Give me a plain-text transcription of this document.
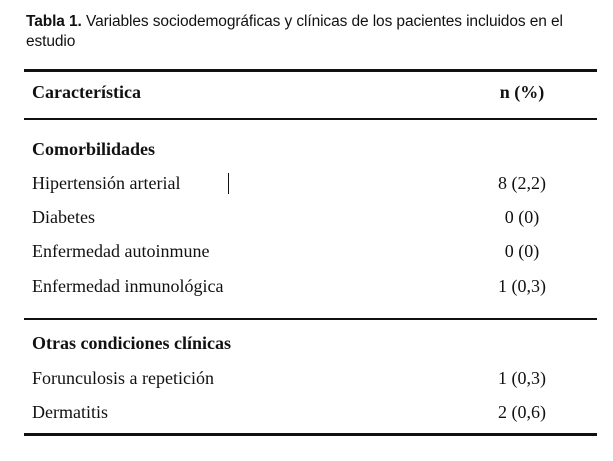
Tabla 1. Variables sociodemográficas y clínicas de los pacientes incluidos en el estudio
Característica	n (%)
Comorbilidades
Hipertensión arterial	8 (2,2)
Diabetes	0 (0)
Enfermedad autoinmune	0 (0)
Enfermedad inmunológica	1 (0,3)
Otras condiciones clínicas
Forunculosis a repetición	1 (0,3)
Dermatitis	2 (0,6)
